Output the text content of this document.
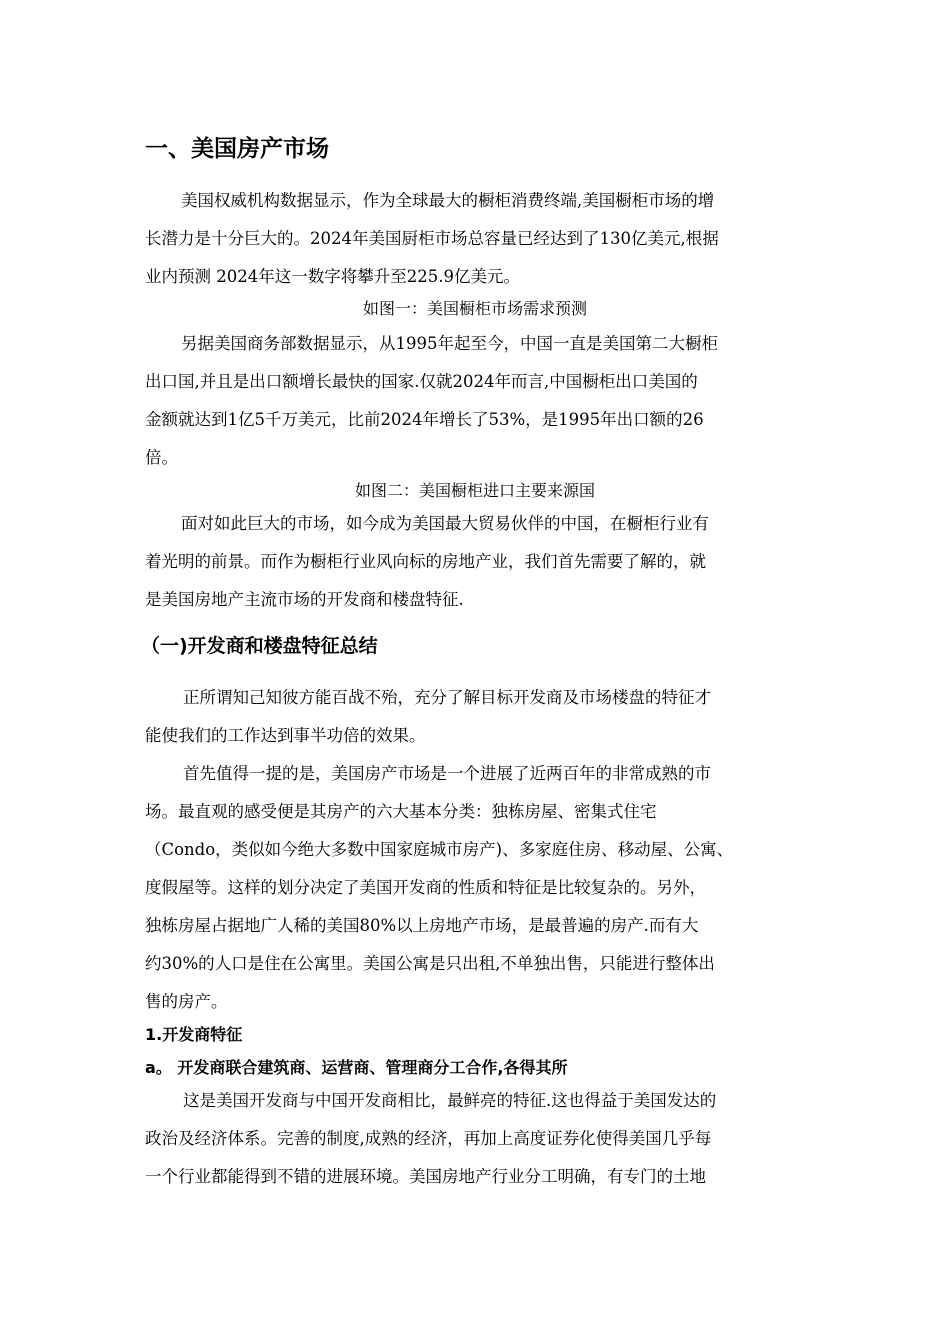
一、美国房产市场
美国权威机构数据显示，作为全球最大的橱柜消费终端,美国橱柜市场的增
长潜力是十分巨大的。2024年美国厨柜市场总容量已经达到了130亿美元,根据
业内预测 2024年这一数字将攀升至225.9亿美元。
如图一：美国橱柜市场需求预测
另据美国商务部数据显示，从1995年起至今，中国一直是美国第二大橱柜
出口国,并且是出口额增长最快的国家.仅就2024年而言,中国橱柜出口美国的
金额就达到1亿5千万美元，比前2024年增长了53%，是1995年出口额的26
倍。
如图二：美国橱柜进口主要来源国
面对如此巨大的市场，如今成为美国最大贸易伙伴的中国，在橱柜行业有
着光明的前景。而作为橱柜行业风向标的房地产业，我们首先需要了解的，就
是美国房地产主流市场的开发商和楼盘特征.
（一)开发商和楼盘特征总结
正所谓知己知彼方能百战不殆，充分了解目标开发商及市场楼盘的特征才
能使我们的工作达到事半功倍的效果。
首先值得一提的是，美国房产市场是一个进展了近两百年的非常成熟的市
场。最直观的感受便是其房产的六大基本分类：独栋房屋、密集式住宅
（Condo，类似如今绝大多数中国家庭城市房产)、多家庭住房、移动屋、公寓、
度假屋等。这样的划分决定了美国开发商的性质和特征是比较复杂的。另外，
独栋房屋占据地广人稀的美国80%以上房地产市场，是最普遍的房产.而有大
约30%的人口是住在公寓里。美国公寓是只出租,不单独出售，只能进行整体出
售的房产。
1.开发商特征
a。 开发商联合建筑商、运营商、管理商分工合作,各得其所
这是美国开发商与中国开发商相比，最鲜亮的特征.这也得益于美国发达的
政治及经济体系。完善的制度,成熟的经济，再加上高度证券化使得美国几乎每
一个行业都能得到不错的进展环境。美国房地产行业分工明确，有专门的土地
